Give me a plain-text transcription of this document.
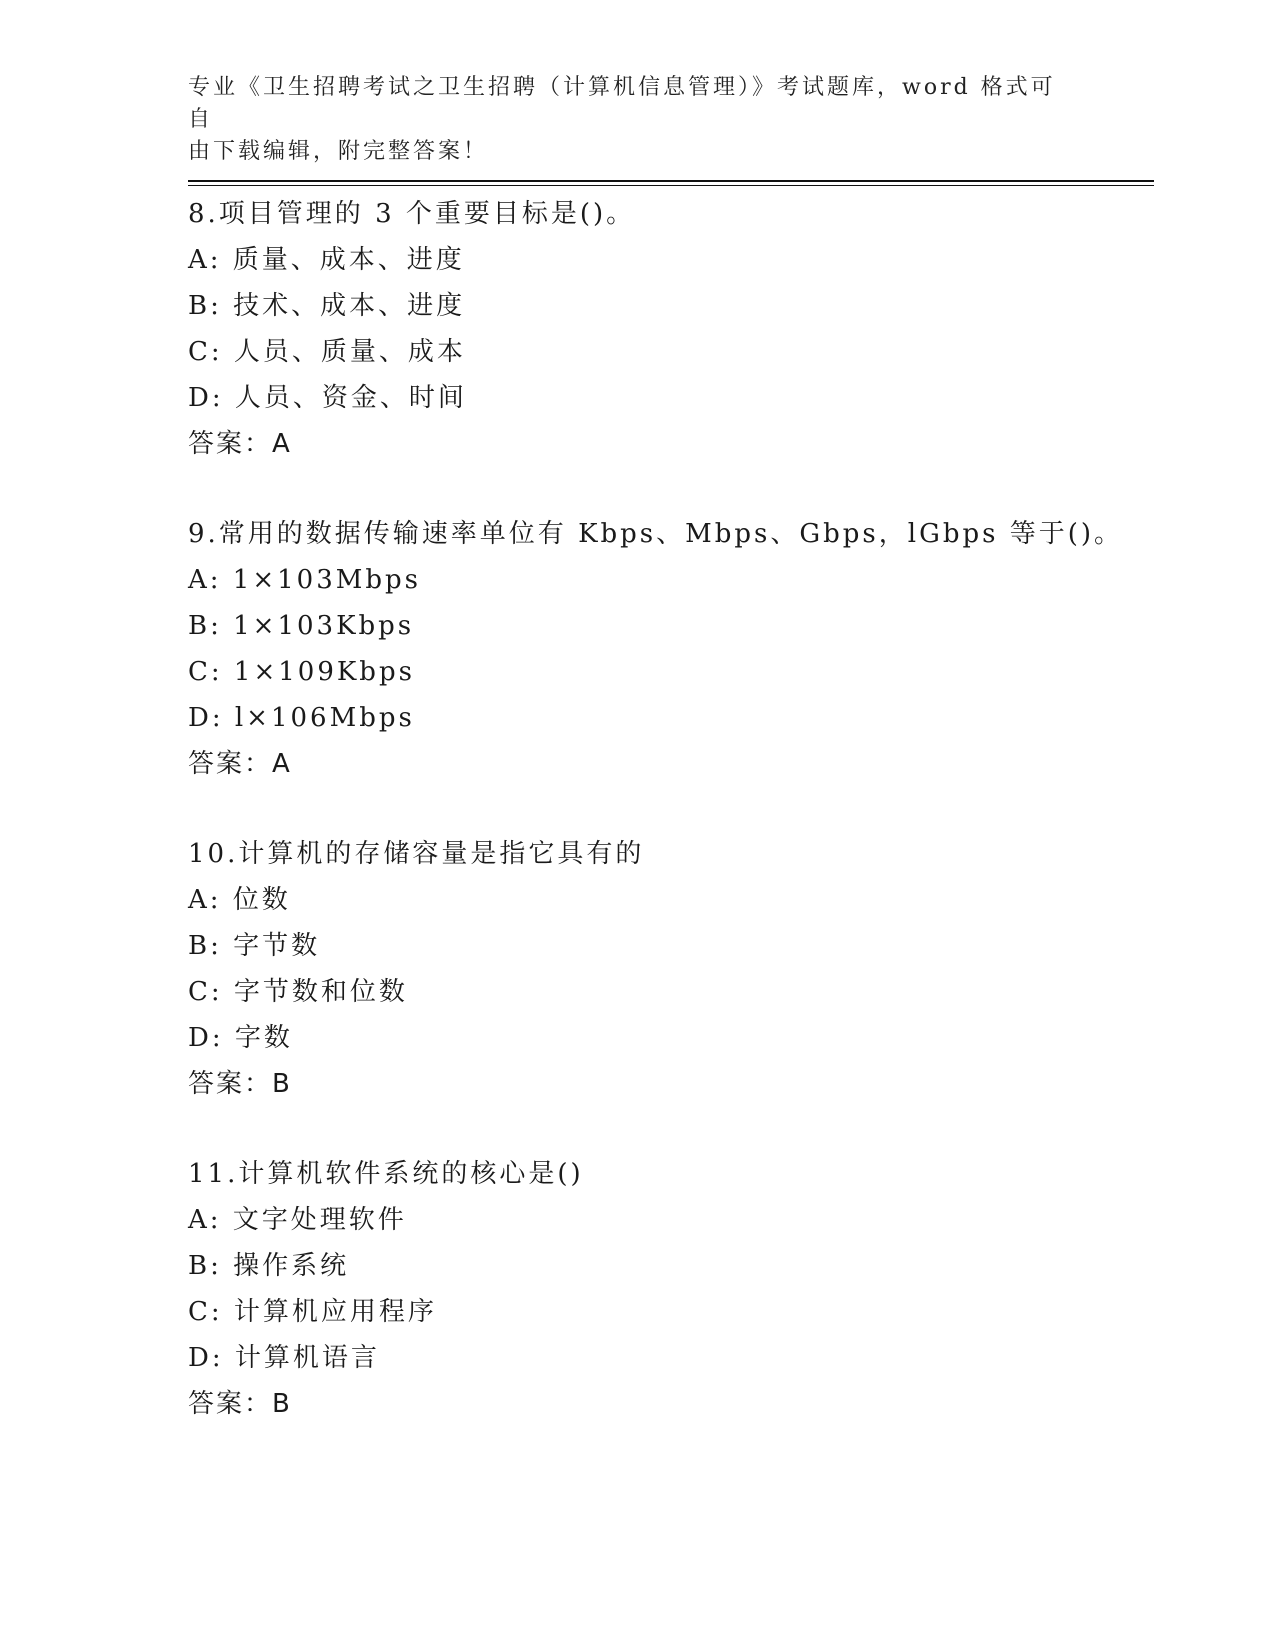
专业《卫生招聘考试之卫生招聘（计算机信息管理）》考试题库，word 格式可自
由下载编辑，附完整答案！
8.项目管理的 3 个重要目标是()。
A: 质量、成本、进度
B: 技术、成本、进度
C: 人员、质量、成本
D: 人员、资金、时间
答案：A
9.常用的数据传输速率单位有 Kbps、Mbps、Gbps，lGbps 等于()。
A: 1×103Mbps
B: 1×103Kbps
C: 1×109Kbps
D: l×106Mbps
答案：A
10.计算机的存储容量是指它具有的
A: 位数
B: 字节数
C: 字节数和位数
D: 字数
答案：B
11.计算机软件系统的核心是()
A: 文字处理软件
B: 操作系统
C: 计算机应用程序
D: 计算机语言
答案：B
